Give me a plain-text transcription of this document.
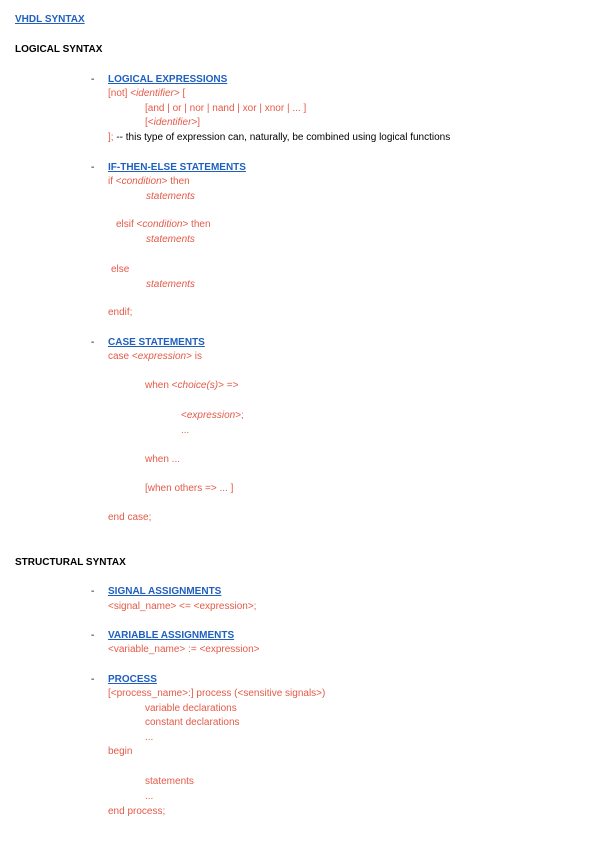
VHDL SYNTAX
LOGICAL SYNTAX
- LOGICAL EXPRESSIONS
[not] <identifier> [
[and | or | nor | nand | xor | xnor | ... ]
[<identifier>]
]; -- this type of expression can, naturally, be combined using logical functions
- IF-THEN-ELSE STATEMENTS
if <condition> then
statements
elsif <condition> then
statements
else
statements
endif;
- CASE STATEMENTS
case <expression> is
when <choice(s)> =>
<expression>;
...
when ...
[when others => ... ]
end case;
STRUCTURAL SYNTAX
- SIGNAL ASSIGNMENTS
<signal_name> <= <expression>;
- VARIABLE ASSIGNMENTS
<variable_name> := <expression>
- PROCESS
[<process_name>:] process (<sensitive signals>)
variable declarations
constant declarations
...
begin
statements
...
end process;
